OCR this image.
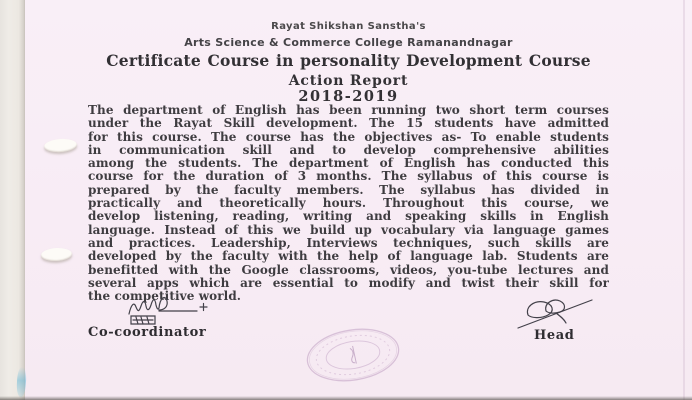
Rayat Shikshan Sanstha's
Arts Science & Commerce College Ramanandnagar
Certificate Course in personality Development Course
Action Report
2018-2019
The department of English has been running two short term courses
under the Rayat Skill development. The 15 students have admitted
for this course. The course has the objectives as- To enable students
in communication skill and to develop comprehensive abilities
among the students. The department of English has conducted this
course for the duration of 3 months. The syllabus of this course is
prepared by the faculty members. The syllabus has divided in
practically and theoretically hours. Throughout this course, we
develop listening, reading, writing and speaking skills in English
language. Instead of this we build up vocabulary via language games
and practices. Leadership, Interviews techniques, such skills are
developed by the faculty with the help of language lab. Students are
benefitted with the Google classrooms, videos, you-tube lectures and
several apps which are essential to modify and twist their skill for
the competitive world.
Co-coordinator	Head
